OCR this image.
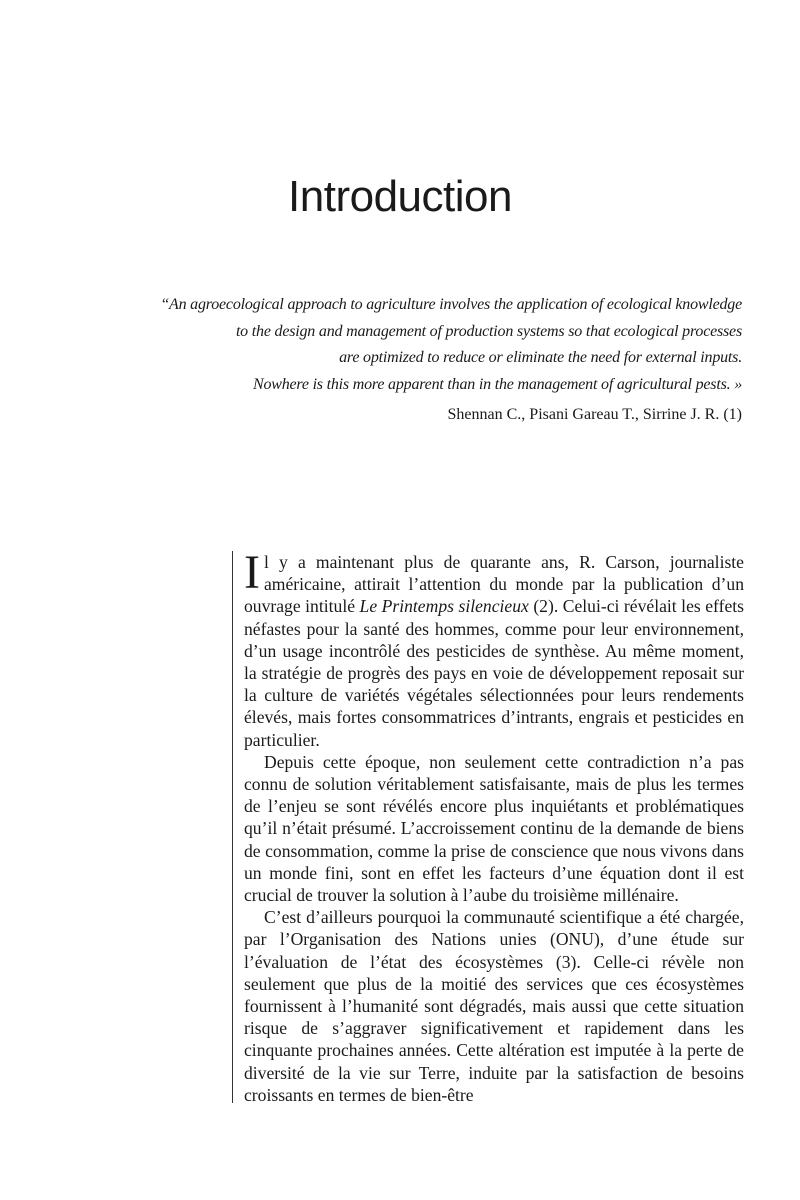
Introduction
“An agroecological approach to agriculture involves the application of ecological knowledge
to the design and management of production systems so that ecological processes
are optimized to reduce or eliminate the need for external inputs.
Nowhere is this more apparent than in the management of agricultural pests. »
Shennan C., Pisani Gareau T., Sirrine J. R. (1)

Il y a maintenant plus de quarante ans, R. Carson, journaliste américaine, attirait l’attention du monde par la publication d’un ouvrage intitulé Le Printemps silencieux (2). Celui-ci révélait les effets néfastes pour la santé des hommes, comme pour leur environnement, d’un usage incontrôlé des pesticides de synthèse. Au même moment, la stratégie de progrès des pays en voie de développement reposait sur la culture de variétés végétales sélectionnées pour leurs rendements élevés, mais fortes consommatrices d’intrants, engrais et pesticides en particulier.

Depuis cette époque, non seulement cette contradiction n’a pas connu de solution véritablement satisfaisante, mais de plus les termes de l’enjeu se sont révélés encore plus inquiétants et problématiques qu’il n’était présumé. L’accroissement continu de la demande de biens de consommation, comme la prise de conscience que nous vivons dans un monde fini, sont en effet les facteurs d’une équation dont il est crucial de trouver la solution à l’aube du troisième millénaire.

C’est d’ailleurs pourquoi la communauté scientifique a été chargée, par l’Organisation des Nations unies (ONU), d’une étude sur l’évaluation de l’état des écosystèmes (3). Celle-ci révèle non seulement que plus de la moitié des services que ces écosystèmes fournissent à l’humanité sont dégradés, mais aussi que cette situation risque de s’aggraver significativement et rapidement dans les cinquante prochaines années. Cette altération est imputée à la perte de diversité de la vie sur Terre, induite par la satisfaction de besoins croissants en termes de bien-être
